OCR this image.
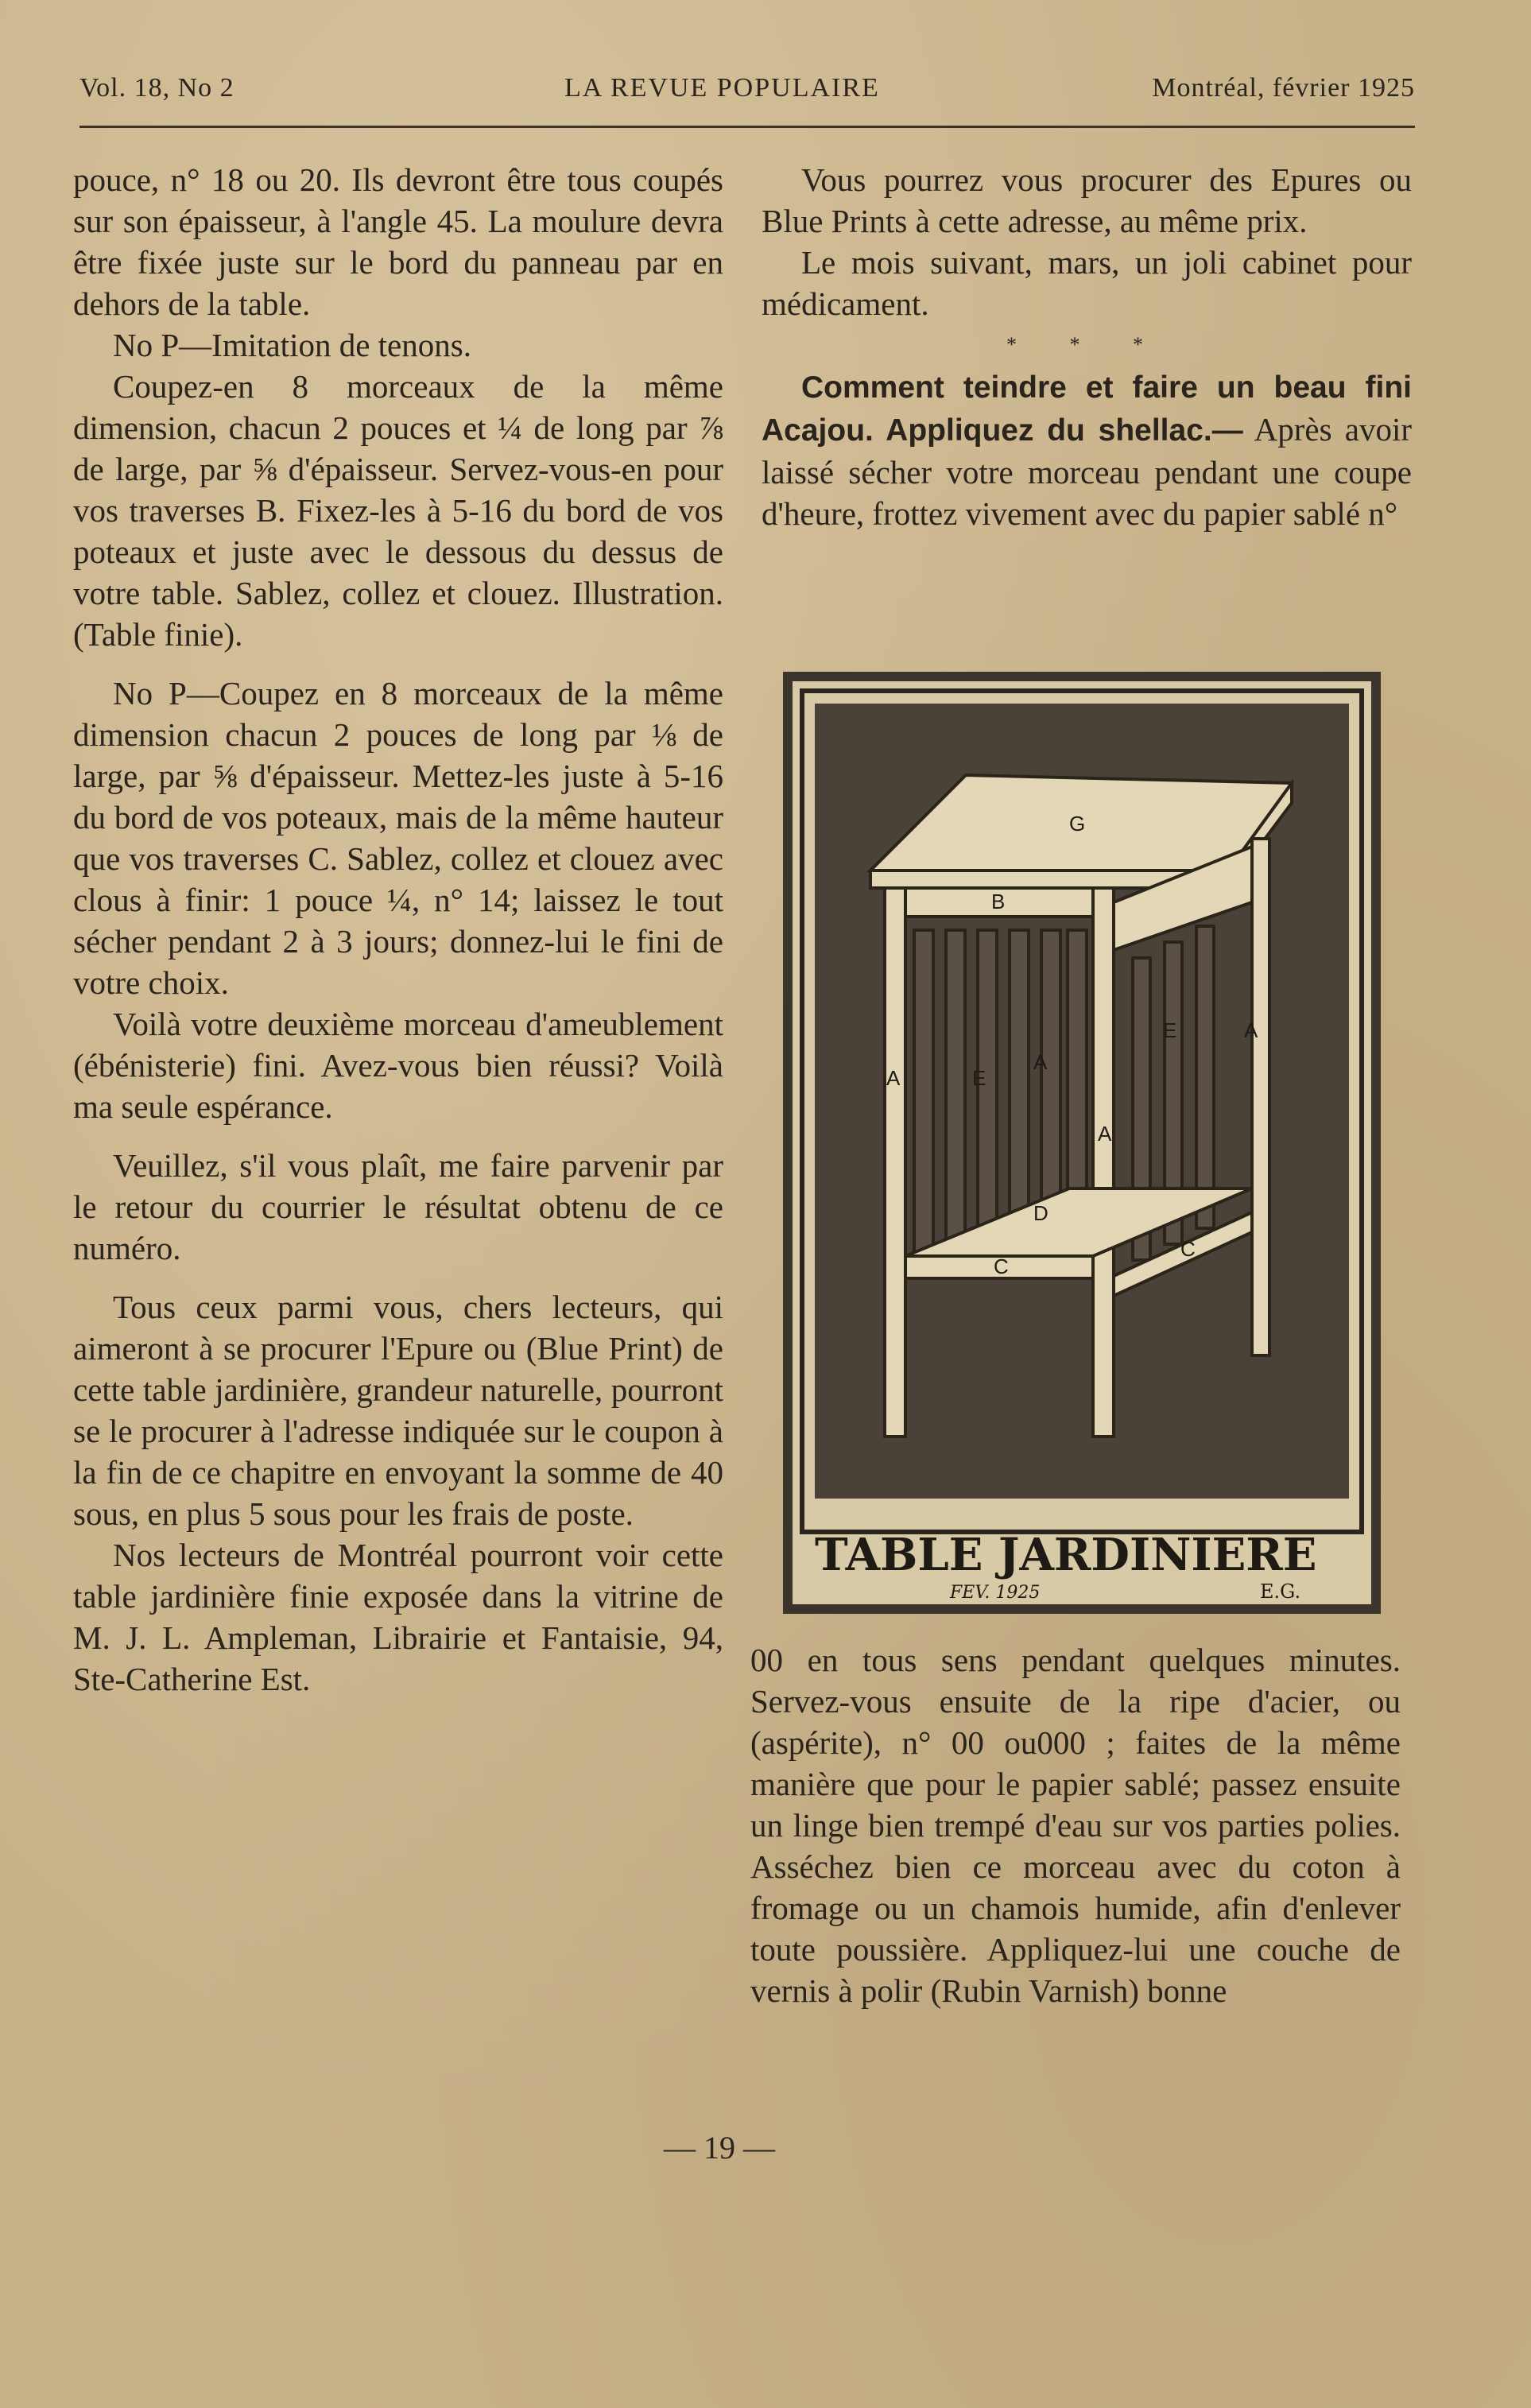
Vol. 18, No 2	LA REVUE POPULAIRE	Montréal, février 1925

pouce, n° 18 ou 20. Ils devront être tous coupés sur son épaisseur, à l'angle 45. La moulure devra être fixée juste sur le bord du panneau par en dehors de la table.

No P—Imitation de tenons.

Coupez-en 8 morceaux de la même dimension, chacun 2 pouces et ¼ de long par ⅞ de large, par ⅝ d'épaisseur. Servez-vous-en pour vos traverses B. Fixez-les à 5-16 du bord de vos poteaux et juste avec le dessous du dessus de votre table. Sablez, collez et clouez. Illustration. (Table finie).

No P—Coupez en 8 morceaux de la même dimension chacun 2 pouces de long par ⅛ de large, par ⅝ d'épaisseur. Mettez-les juste à 5-16 du bord de vos poteaux, mais de la même hauteur que vos traverses C. Sablez, collez et clouez avec clous à finir: 1 pouce ¼, n° 14; laissez le tout sécher pendant 2 à 3 jours; donnez-lui le fini de votre choix.

Voilà votre deuxième morceau d'ameublement (ébénisterie) fini. Avez-vous bien réussi? Voilà ma seule espérance.

Veuillez, s'il vous plaît, me faire parvenir par le retour du courrier le résultat obtenu de ce numéro.

Tous ceux parmi vous, chers lecteurs, qui aimeront à se procurer l'Epure ou (Blue Print) de cette table jardinière, grandeur naturelle, pourront se le procurer à l'adresse indiquée sur le coupon à la fin de ce chapitre en envoyant la somme de 40 sous, en plus 5 sous pour les frais de poste.

Nos lecteurs de Montréal pourront voir cette table jardinière finie exposée dans la vitrine de M. J. L. Ampleman, Librairie et Fantaisie, 94, Ste-Catherine Est.

Vous pourrez vous procurer des Epures ou Blue Prints à cette adresse, au même prix.

Le mois suivant, mars, un joli cabinet pour médicament.

* * *

Comment teindre et faire un beau fini Acajou. Appliquez du shellac.— Après avoir laissé sécher votre morceau pendant une coupe d'heure, frottez vivement avec du papier sablé n°

G
B
A	E
A
A
E	A
D
C
C
TABLE JARDINIERE
FEV. 1925	E.G.

00 en tous sens pendant quelques minutes. Servez-vous ensuite de la ripe d'acier, ou (aspérite), n° 00 ou000 ; faites de la même manière que pour le papier sablé; passez ensuite un linge bien trempé d'eau sur vos parties polies. Asséchez bien ce morceau avec du coton à fromage ou un chamois humide, afin d'enlever toute poussière. Appliquez-lui une couche de vernis à polir (Rubin Varnish) bonne

— 19 —
